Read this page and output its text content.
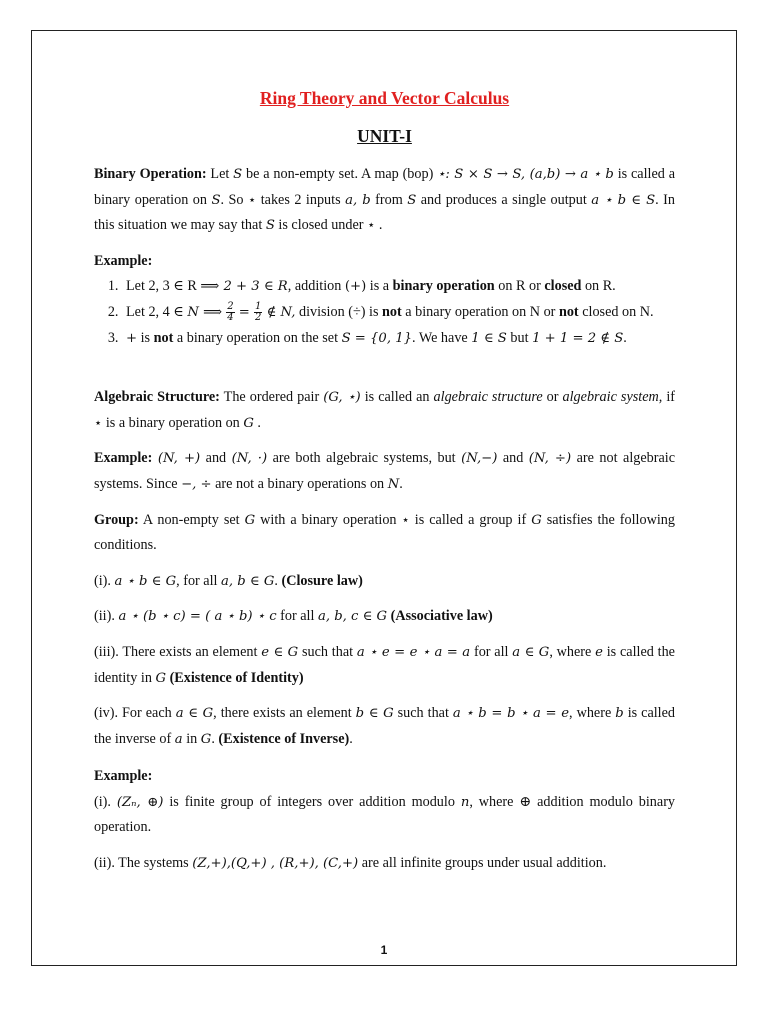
Ring Theory and Vector Calculus
UNIT-I

Binary Operation: Let S be a non-empty set. A map (bop) ⋆: S × S → S, (a,b) → a ⋆ b is called a binary operation on S. So ⋆ takes 2 inputs a, b from S and produces a single output a ⋆ b ∈ S. In this situation we may say that S is closed under ⋆ .

Example:
1. Let 2, 3 ∈ R ⟹ 2 + 3 ∈ R, addition (+) is a binary operation on R or closed on R.
2. Let 2, 4 ∈ N ⟹ $\frac{2}{4} = \frac{1}{2}$ ∉ N, division (÷) is not a binary operation on N or not closed on N.
3. + is not a binary operation on the set S = {0, 1}. We have 1 ∈ S but 1 + 1 = 2 ∉ S.

Algebraic Structure: The ordered pair (G, ⋆) is called an algebraic structure or algebraic system, if ⋆ is a binary operation on G .

Example: (N, +) and (N, ·) are both algebraic systems, but (N,−) and (N, ÷) are not algebraic systems. Since −, ÷ are not a binary operations on N.

Group: A non-empty set G with a binary operation ⋆ is called a group if G satisfies the following conditions.

(i). a ⋆ b ∈ G, for all a, b ∈ G. (Closure law)

(ii). a ⋆ (b ⋆ c) = ( a ⋆ b) ⋆ c for all a, b, c ∈ G (Associative law)

(iii). There exists an element e ∈ G such that a ⋆ e = e ⋆ a = a for all a ∈ G, where e is called the identity in G (Existence of Identity)

(iv). For each a ∈ G, there exists an element b ∈ G such that a ⋆ b = b ⋆ a = e, where b is called the inverse of a in G. (Existence of Inverse).

Example:

(i). (Zₙ, ⊕) is finite group of integers over addition modulo n, where ⊕ addition modulo binary operation.

(ii). The systems (Z,+),(Q,+) , (R,+), (C,+) are all infinite groups under usual addition.

1
